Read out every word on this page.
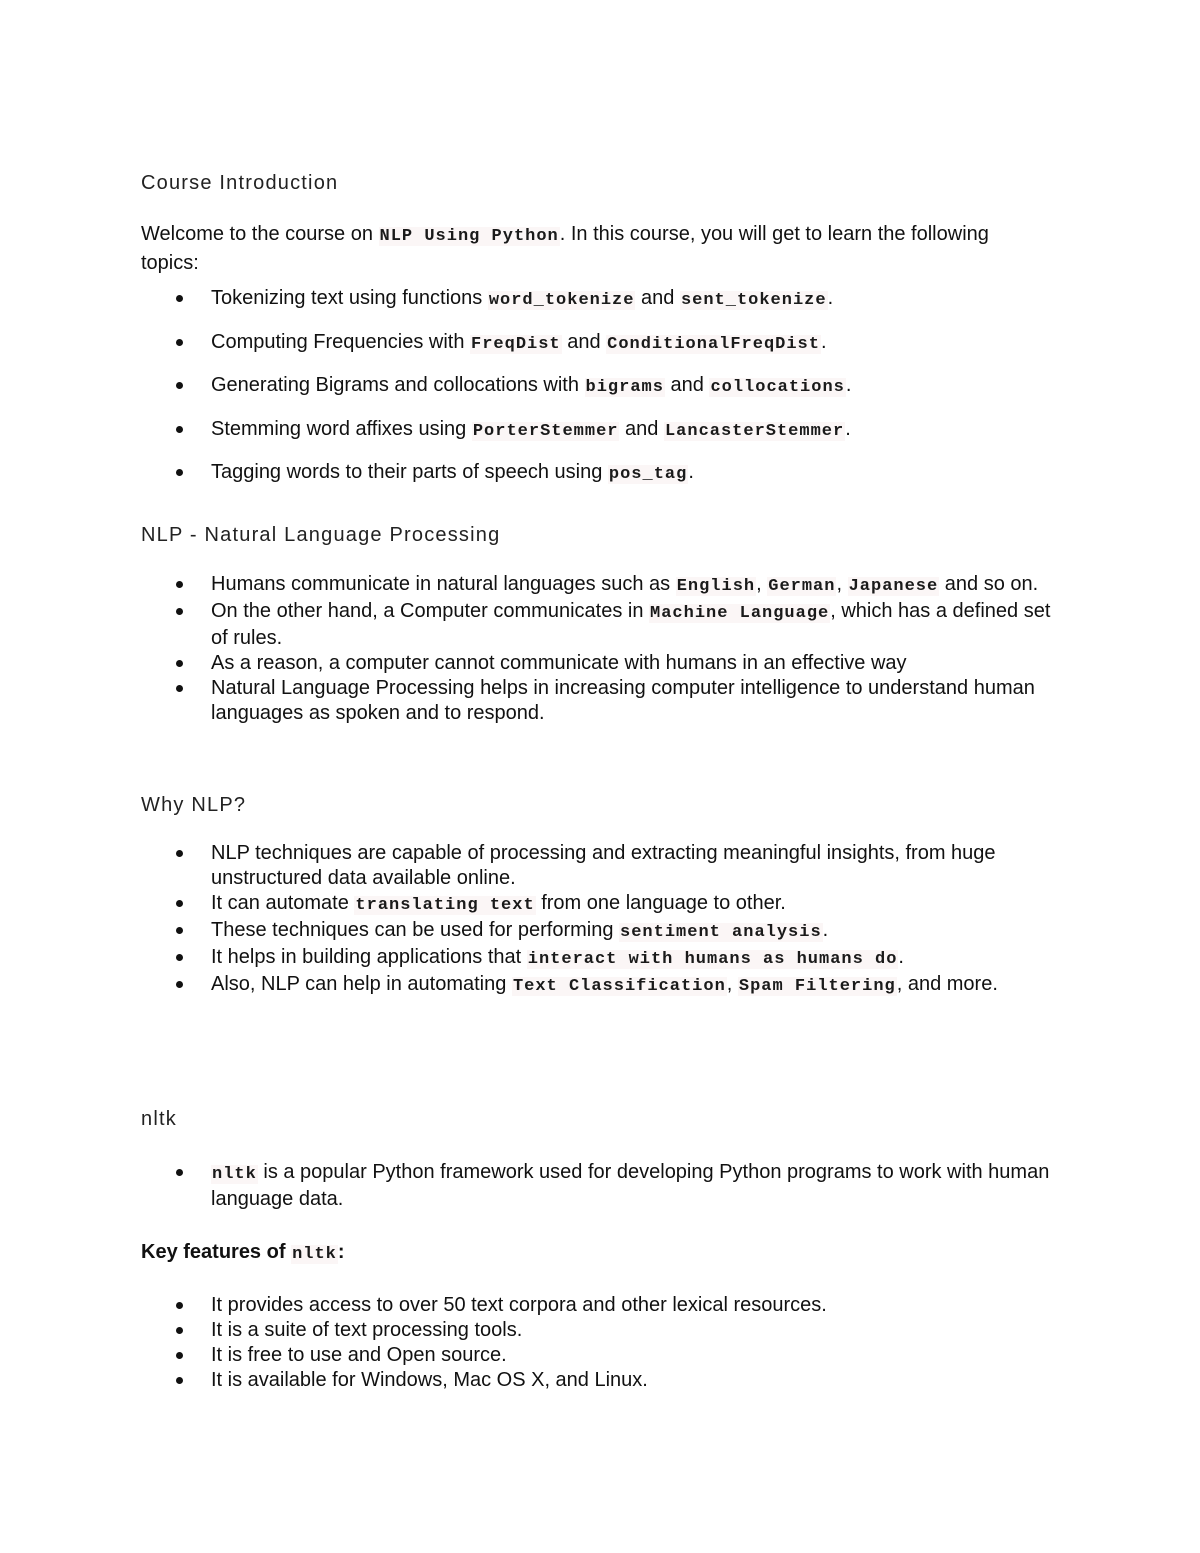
Course Introduction
Welcome to the course on NLP Using Python. In this course, you will get to learn the following topics:
Tokenizing text using functions word_tokenize and sent_tokenize.
Computing Frequencies with FreqDist and ConditionalFreqDist.
Generating Bigrams and collocations with bigrams and collocations.
Stemming word affixes using PorterStemmer and LancasterStemmer.
Tagging words to their parts of speech using pos_tag.
NLP - Natural Language Processing
Humans communicate in natural languages such as English, German, Japanese and so on.
On the other hand, a Computer communicates in Machine Language, which has a defined set of rules.
As a reason, a computer cannot communicate with humans in an effective way
Natural Language Processing helps in increasing computer intelligence to understand human languages as spoken and to respond.
Why NLP?
NLP techniques are capable of processing and extracting meaningful insights, from huge unstructured data available online.
It can automate translating text from one language to other.
These techniques can be used for performing sentiment analysis.
It helps in building applications that interact with humans as humans do.
Also, NLP can help in automating Text Classification, Spam Filtering, and more.
nltk
nltk is a popular Python framework used for developing Python programs to work with human language data.
Key features of nltk:
It provides access to over 50 text corpora and other lexical resources.
It is a suite of text processing tools.
It is free to use and Open source.
It is available for Windows, Mac OS X, and Linux.
